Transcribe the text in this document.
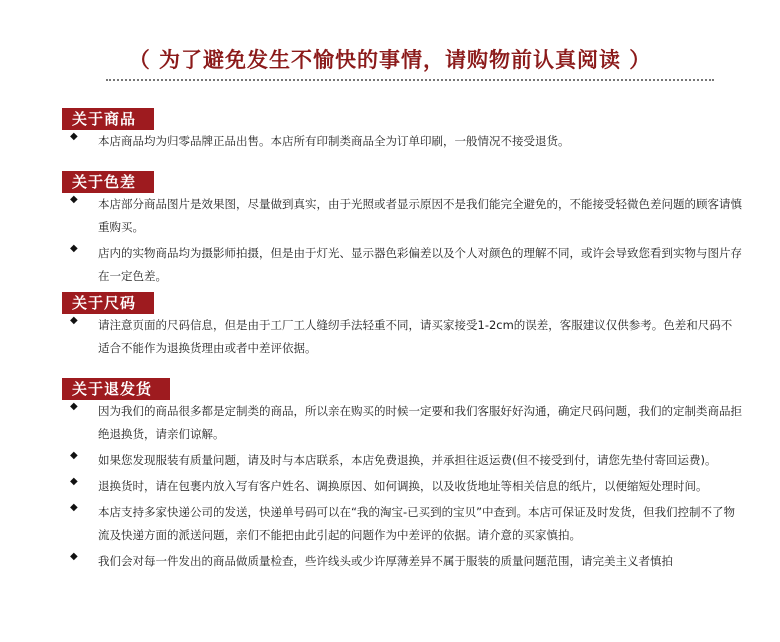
（ 为了避免发生不愉快的事情，请购物前认真阅读 ）
关于商品
◆ 本店商品均为归零品牌正品出售。本店所有印制类商品全为订单印刷，一般情况不接受退货。
关于色差
◆ 本店部分商品图片是效果图，尽量做到真实，由于光照或者显示原因不是我们能完全避免的，不能接受轻微色差问题的顾客请慎重购买。
◆ 店内的实物商品均为摄影师拍摄，但是由于灯光、显示器色彩偏差以及个人对颜色的理解不同，或许会导致您看到实物与图片存在一定色差。
关于尺码
◆ 请注意页面的尺码信息，但是由于工厂工人缝纫手法轻重不同，请买家接受1-2cm的误差，客服建议仅供参考。色差和尺码不适合不能作为退换货理由或者中差评依据。
关于退发货
◆ 因为我们的商品很多都是定制类的商品，所以亲在购买的时候一定要和我们客服好好沟通，确定尺码问题，我们的定制类商品拒绝退换货，请亲们谅解。
◆ 如果您发现服装有质量问题，请及时与本店联系，本店免费退换，并承担往返运费(但不接受到付，请您先垫付寄回运费)。
◆ 退换货时，请在包裹内放入写有客户姓名、调换原因、如何调换，以及收货地址等相关信息的纸片，以便缩短处理时间。
◆ 本店支持多家快递公司的发送，快递单号码可以在“我的淘宝-已买到的宝贝”中查到。本店可保证及时发货，但我们控制不了物流及快递方面的派送问题，亲们不能把由此引起的问题作为中差评的依据。请介意的买家慎拍。
◆ 我们会对每一件发出的商品做质量检查，些许线头或少许厚薄差异不属于服装的质量问题范围，请完美主义者慎拍
